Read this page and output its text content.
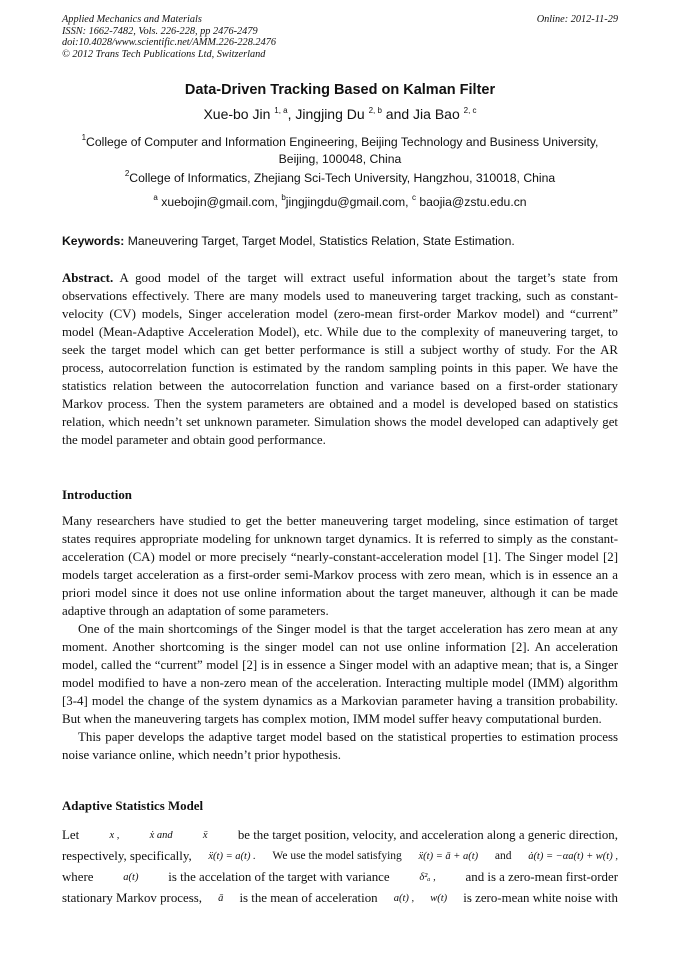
Applied Mechanics and Materials
ISSN: 1662-7482, Vols. 226-228, pp 2476-2479
doi:10.4028/www.scientific.net/AMM.226-228.2476
© 2012 Trans Tech Publications Ltd, Switzerland
Online: 2012-11-29
Data-Driven Tracking Based on Kalman Filter
Xue-bo Jin $^{1, a}$, Jingjing Du $^{2, b}$ and Jia Bao $^{2, c}$
$^1$College of Computer and Information Engineering, Beijing Technology and Business University,
Beijing, 100048, China
$^2$College of Informatics, Zhejiang Sci-Tech University, Hangzhou, 310018, China
$^a$ xuebojin@gmail.com, $^b$jingjingdu@gmail.com, $^c$ baojia@zstu.edu.cn
Keywords: Maneuvering Target, Target Model, Statistics Relation, State Estimation.
Abstract. A good model of the target will extract useful information about the target’s state from observations effectively. There are many models used to maneuvering target tracking, such as constant-velocity (CV) models, Singer acceleration model (zero-mean first-order Markov model) and “current” model (Mean-Adaptive Acceleration Model), etc. While due to the complexity of maneuvering target, to seek the target model which can get better performance is still a subject worthy of study. For the AR process, autocorrelation function is estimated by the random sampling points in this paper. We have the statistics relation between the autocorrelation function and variance based on a first-order stationary Markov process. Then the system parameters are obtained and a model is developed based on statistics relation, which needn’t set unknown parameter. Simulation shows the model developed can adaptively get the model parameter and obtain good performance.
Introduction
Many researchers have studied to get the better maneuvering target modeling, since estimation of target states requires appropriate modeling for unknown target dynamics. It is referred to simply as the constant-acceleration (CA) model or more precisely “nearly-constant-acceleration model [1]. The Singer model [2] models target acceleration as a first-order semi-Markov process with zero mean, which is in essence an a priori model since it does not use online information about the target maneuver, although it can be made adaptive through an adaptation of some parameters.
One of the main shortcomings of the Singer model is that the target acceleration has zero mean at any moment. Another shortcoming is the singer model can not use online information [2]. An acceleration model, called the “current” model [2] is in essence a Singer model with an adaptive mean; that is, a Singer model modified to have a non-zero mean of the acceleration. Interacting multiple model (IMM) algorithm [3-4] model the change of the system dynamics as a Markovian parameter having a transition probability. But when the maneuvering targets has complex motion, IMM model suffer heavy computational burden.
This paper develops the adaptive target model based on the statistical properties to estimation process noise variance online, which needn’t prior hypothesis.
Adaptive Statistics Model
Let	x ,	ẋ and	ẍ be the target position, velocity, and acceleration along a generic direction,
respectively, specifically, ẍ(t) = a(t) . We use the model satisfying ẍ(t) = ā + a(t) and ȧ(t) = −αa(t) + w(t) ,
where	a(t) is the accelation of the target with variance	δ²ₐ , and is a zero-mean first-order
stationary Markov process, ā is the mean of acceleration a(t) , w(t) is zero-mean white noise with
